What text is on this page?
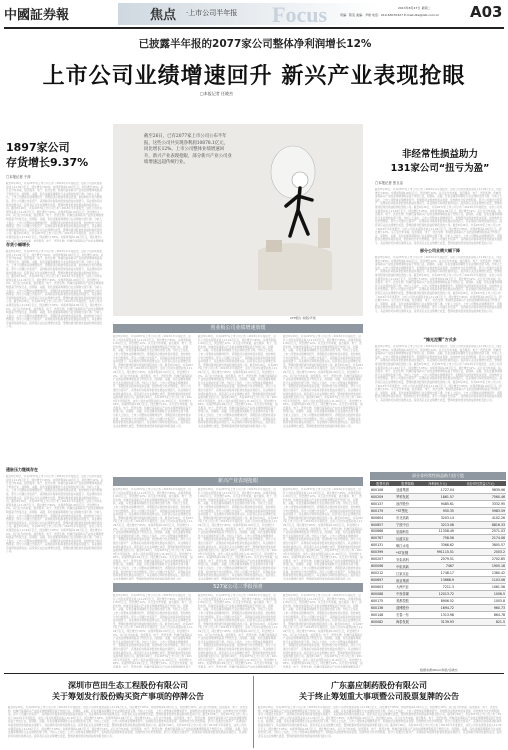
中國証券報	焦点 ·上市公司半年报 Focus	2013年8月27日 星期二
责编：陈莹 美编：尹建 电话：010-63070327 E-mail:zbs@zzb.com.cn A03
已披露半年报的2077家公司整体净利润增长12%
上市公司业绩增速回升 新兴产业表现抢眼
□本报记者 任晓杰
1897家公司
存货增长9.37%
□本报记者 于萍
截至8月26日，共有2077家上市公司公布了2013年半年度报告，这些公司共实现营业收入11.29万亿元，同比增长7.65%；实现净利润1.09万亿元，同比增长12%。从行业分布来看，信息服务、电子、医药生物、机械设备等新兴产业的业绩增速明显高于传统行业，而钢铁、采掘、有色金属等周期性行业业绩则出现下滑。分析人士指出，上市公司整体业绩增速回升，表明经济企稳迹象逐步显现，但结构性分化仍然明显。部分公司通过出售资产、获得政府补贴等非经常性损益实现扭亏，其业绩的可持续性值得关注。投资者应关注业绩增长质量，警惕依靠非经常性损益粉饰报表的公司。截至8月26日，共有2077家上市公司公布了2013年半年度报告，这些公司共实现营业收入11.29万亿元，同比增长7.65%；实现净利润1.09万亿元，同比增长12%。从行业分布来看，信息服务、电子、医药生物、机械设备等新兴产业的业绩增速明显高于传统行业，而钢铁、采掘、有色金属等周期性行业业绩则出现下滑。分析人士指出，上市公司整体业绩增速回升，表明经济企稳迹象逐步显现，但结构性分化仍然明显。部分公司通过出售资产、获得政府补贴等非经常性损益实现扭亏，其业绩的可持续性值得关注。投资者应关注业绩增长质量，警惕依靠非经常性损益粉饰报表的公司。截至8月26日，共有2077家上市公司公布了2013年半年度报告，这些公司共实现营业收入11.29万亿元，同比增长7.65%；实现净利润1.09万亿元，同比增长12%。从行业分布来看，信息服务、电子、医药生物、机械设备等新兴产业的业绩增速
存货小幅增长
截至8月26日，共有2077家上市公司公布了2013年半年度报告，这些公司共实现营业收入11.29万亿元，同比增长7.65%；实现净利润1.09万亿元，同比增长12%。从行业分布来看，信息服务、电子、医药生物、机械设备等新兴产业的业绩增速明显高于传统行业，而钢铁、采掘、有色金属等周期性行业业绩则出现下滑。分析人士指出，上市公司整体业绩增速回升，表明经济企稳迹象逐步显现，但结构性分化仍然明显。部分公司通过出售资产、获得政府补贴等非经常性损益实现扭亏，其业绩的可持续性值得关注。投资者应关注业绩增长质量，警惕依靠非经常性损益粉饰报表的公司。截至8月26日，共有2077家上市公司公布了2013年半年度报告，这些公司共实现营业收入11.29万亿元，同比增长7.65%；实现净利润1.09万亿元，同比增长12%。从行业分布来看，信息服务、电子、医药生物、机械设备等新兴产业的业绩增速明显高于传统行业，而钢铁、采掘、有色金属等周期性行业业绩则出现下滑。分析人士指出，上市公司整体业绩增速回升，表明经济企稳迹象逐步显现，但结构性分化仍然明显。部分公司通过出售资产、获得政府补贴等非经常性损益实现扭亏，其业绩的可持续性值得关注。投资者应关注业绩增长质量，警惕依靠非经常性损益粉饰报表的公司。截至8月26日，共有2077家上市公司公布了2013年半年度报告，这些公司共实现营业收入11.29万亿元，同比增长7.65%；实现净利润1.09万亿元，同比增长12%。从行业分布来看，信息服务、电子、医药生物、机械设备等新兴产业的业绩增速明显高于传统行业，而钢铁、采掘、有色金属等周期性行业业绩则出现下滑。分析人士指出，上市公司整体业绩增速回升，表明经济企稳迹象逐步显现，但结构性分化仍然明显。部分公司通过出售资产、获得政府补贴等非经常性损益实现扭亏，其业绩的可持续性值得关注。投资者应关注业绩增长质量，警惕依靠非经常性损益粉饰报表的公司。
通胀压力继续存在
截至8月26日，共有2077家上市公司公布了2013年半年度报告，这些公司共实现营业收入11.29万亿元，同比增长7.65%；实现净利润1.09万亿元，同比增长12%。从行业分布来看，信息服务、电子、医药生物、机械设备等新兴产业的业绩增速明显高于传统行业，而钢铁、采掘、有色金属等周期性行业业绩则出现下滑。分析人士指出，上市公司整体业绩增速回升，表明经济企稳迹象逐步显现，但结构性分化仍然明显。部分公司通过出售资产、获得政府补贴等非经常性损益实现扭亏，其业绩的可持续性值得关注。投资者应关注业绩增长质量，警惕依靠非经常性损益粉饰报表的公司。截至8月26日，共有2077家上市公司公布了2013年半年度报告，这些公司共实现营业收入11.29万亿元，同比增长7.65%；实现净利润1.09万亿元，同比增长12%。从行业分布来看，信息服务、电子、医药生物、机械设备等新兴产业的业绩增速明显高于传统行业，而钢铁、采掘、有色金属等周期性行业业绩则出现下滑。分析人士指出，上市公司整体业绩增速回升，表明经济企稳迹象逐步显现，但结构性分化仍然明显。部分公司通过出售资产、获得政府补贴等非经常性损益实现扭亏，其业绩的可持续性值得关注。投资者应关注业绩增长质量，警惕依靠非经常性损益粉饰报表的公司。截至8月26日，共有2077家上市公司公布了2013年半年度报告，这些公司共实现营业收入11.29万亿元，同比增长7.65%；实现净利润1.09万亿元，同比增长12%。从行业分布来看，信息服务、电子、医药生物、机械设备等新兴产业的业绩增速明显高于传统行业，而钢铁、采掘、有色金属等周期性行业业绩则出现下滑。分析人士指出，上市公司整体业绩增速回升，表明经济企稳迹象逐步显现，但结构性分化仍然明显。部分公司通过出售资产、获得政府补贴等非经常性损益实现扭亏，其业绩的可持续性值得关注。投资者应关注业绩增长质量，警惕依靠非经常性损益粉饰报表的公司。
截至26日，已有2077家上市公司公布半年报，这些公司共实现净利润10878.1亿元，同比增长12%。上市公司整体业绩增速回升，新兴产业表现抢眼，部分新兴产业公司业绩增速远超传统行业。
CFP图片 制图/尹建
非经常性损益助力
131家公司“扭亏为盈”
□本报记者 张玉洁
截至8月26日，共有2077家上市公司公布了2013年半年度报告，这些公司共实现营业收入11.29万亿元，同比增长7.65%；实现净利润1.09万亿元，同比增长12%。从行业分布来看，信息服务、电子、医药生物、机械设备等新兴产业的业绩增速明显高于传统行业，而钢铁、采掘、有色金属等周期性行业业绩则出现下滑。分析人士指出，上市公司整体业绩增速回升，表明经济企稳迹象逐步显现，但结构性分化仍然明显。部分公司通过出售资产、获得政府补贴等非经常性损益实现扭亏，其业绩的可持续性值得关注。投资者应关注业绩增长质量，警惕依靠非经常性损益粉饰报表的公司。截至8月26日，共有2077家上市公司公布了2013年半年度报告，这些公司共实现营业收入11.29万亿元，同比增长7.65%；实现净利润1.09万亿元，同比增长12%。从行业分布来看，信息服务、电子、医药生物、机械设备等新兴产业的业绩增速明显高于传统行业，而钢铁、采掘、有色金属等周期性行业业绩则出现下滑。分析人士指出，上市公司整体业绩增速回升，表明经济企稳迹象逐步显现，但结构性分化仍然明显。部分公司通过出售资产、获得政府补贴等非经常性损益实现扭亏，其业绩的可持续性值得关注。投资者应关注业绩增长质量，警惕依靠非经常性损益粉饰报表的公司。截至8月26日，共有2077家上市公司公布了2013年半年度报告，这些公司共实现营业收入11.29万亿元，同比增长7.65%；实现净利润1.09万亿元，同比增长12%。从行业分布来看，信息服务、电子、医药生物、机械设备等新兴产业的业绩增速明显高于传统行业，而钢铁、采掘、有色金属等周期性行业业绩则出现下滑。分析人士指出，上市公司整体业绩增速回升，表明经济企稳迹象逐步显现，但结构性分化仍然明显。部分公司通过出售资产、获得政府补贴等非经常性损益实现扭亏，其业绩的可持续性值得关注。投资者应关注业绩增长质量，警惕依靠非经常性损益粉饰报表的公司。
部分公司业绩大幅下降
截至8月26日，共有2077家上市公司公布了2013年半年度报告，这些公司共实现营业收入11.29万亿元，同比增长7.65%；实现净利润1.09万亿元，同比增长12%。从行业分布来看，信息服务、电子、医药生物、机械设备等新兴产业的业绩增速明显高于传统行业，而钢铁、采掘、有色金属等周期性行业业绩则出现下滑。分析人士指出，上市公司整体业绩增速回升，表明经济企稳迹象逐步显现，但结构性分化仍然明显。部分公司通过出售资产、获得政府补贴等非经常性损益实现扭亏，其业绩的可持续性值得关注。投资者应关注业绩增长质量，警惕依靠非经常性损益粉饰报表的公司。截至8月26日，共有2077家上市公司公布了2013年半年度报告，这些公司共实现营业收入11.29万亿元，同比增长7.65%；实现净利润1.09万亿元，同比增长12%。从行业分布来看，信息服务、电子、医药生物、机械设备等新兴产业的业绩增速明显高于传统行业，而钢铁、采掘、有色金属等周期性行业业绩则出现下滑。分析人士指出，上市公司整体业绩增速回升，表明经济企稳迹象逐步显现，但结构性分化仍然明显。部分公司通过出售资产、获得政府补贴等非经常性损益实现扭亏，其业绩的可持续性值得关注。投资者应关注业绩增长质量，警惕依靠非经常性损益粉饰报表的公司。截至8月26日，共有2077家上市公司公布了2013年半年度报告，这些公司共实现营业收入11.29万亿元，同比增长7.65%；实现净利润1.09万亿元，同比增长12%。从行业分布来看，信息服务、电子、医药生物、机械设备等新兴产业的业绩增速明显高于传统行业，而钢铁、采掘、有色金属等周期性行业业绩则出现下滑。分析人士指出，上市公司整体业绩增速回升，表明经济企稳迹象逐步显现，但结构性分化仍然明显。部分公司通过出售资产、获得政府补贴等非经常性损益实现扭亏，其业绩的可持续性值得关注。投资者应关注业绩增长质量，警惕依靠非经常性损益粉饰报表的公司。
“摊光泥蟹”方式多
截至8月26日，共有2077家上市公司公布了2013年半年度报告，这些公司共实现营业收入11.29万亿元，同比增长7.65%；实现净利润1.09万亿元，同比增长12%。从行业分布来看，信息服务、电子、医药生物、机械设备等新兴产业的业绩增速明显高于传统行业，而钢铁、采掘、有色金属等周期性行业业绩则出现下滑。分析人士指出，上市公司整体业绩增速回升，表明经济企稳迹象逐步显现，但结构性分化仍然明显。部分公司通过出售资产、获得政府补贴等非经常性损益实现扭亏，其业绩的可持续性值得关注。投资者应关注业绩增长质量，警惕依靠非经常性损益粉饰报表的公司。截至8月26日，共有2077家上市公司公布了2013年半年度报告，这些公司共实现营业收入11.29万亿元，同比增长7.65%；实现净利润1.09万亿元，同比增长12%。从行业分布来看，信息服务、电子、医药生物、机械设备等新兴产业的业绩增速明显高于传统行业，而钢铁、采掘、有色金属等周期性行业业绩则出现下滑。分析人士指出，上市公司整体业绩增速回升，表明经济企稳迹象逐步显现，但结构性分化仍然明显。部分公司通过出售资产、获得政府补贴等非经常性损益实现扭亏，其业绩的可持续性值得关注。投资者应关注业绩增长质量，警惕依靠非经常性损益粉饰报表的公司。截至8月26日，共有2077家上市公司公布了2013年半年度报告，这些公司共实现营业收入11.29万亿元，同比增长7.65%；实现净利润1.09万亿元，同比增长12%。从行业分布来看，信息服务、电子、医药生物、机械设备等新兴产业的业绩增速明显高于传统行业，而钢铁、采掘、有色金属等周期性行业业绩则出现下滑。分析人士指出，上市公司整体业绩增速回升，表明经济企稳迹象逐步显现，但结构性分化仍然明显。部分公司通过出售资产、获得政府补贴等非经常性损益实现扭亏，其业绩的可持续性值得关注。投资者应关注业绩增长质量，警惕依靠非经常性损益粉饰报表的公司。
创业板公司业绩增速放缓
截至8月26日，共有2077家上市公司公布了2013年半年度报告，这些公司共实现营业收入11.29万亿元，同比增长7.65%；实现净利润1.09万亿元，同比增长12%。从行业分布来看，信息服务、电子、医药生物、机械设备等新兴产业的业绩增速明显高于传统行业，而钢铁、采掘、有色金属等周期性行业业绩则出现下滑。分析人士指出，上市公司整体业绩增速回升，表明经济企稳迹象逐步显现，但结构性分化仍然明显。部分公司通过出售资产、获得政府补贴等非经常性损益实现扭亏，其业绩的可持续性值得关注。投资者应关注业绩增长质量，警惕依靠非经常性损益粉饰报表的公司。截至8月26日，共有2077家上市公司公布了2013年半年度报告，这些公司共实现营业收入11.29万亿元，同比增长7.65%；实现净利润1.09万亿元，同比增长12%。从行业分布来看，信息服务、电子、医药生物、机械设备等新兴产业的业绩增速明显高于传统行业，而钢铁、采掘、有色金属等周期性行业业绩则出现下滑。分析人士指出，上市公司整体业绩增速回升，表明经济企稳迹象逐步显现，但结构性分化仍然明显。部分公司通过出售资产、获得政府补贴等非经常性损益实现扭亏，其业绩的可持续性值得关注。投资者应关注业绩增长质量，警惕依靠非经常性损益粉饰报表的公司。截至8月26日，共有2077家上市公司公布了2013年半年度报告，这些公司共实现营业收入11.29万亿元，同比增长7.65%；实现净利润1.09万亿元，同比增长12%。从行业分布来看，信息服务、电子、医药生物、机械设备等新兴产业的业绩增速明显高于传统行业，而钢铁、采掘、有色金属等周期性行业业绩则出现下滑。分析人士指出，上市公司整体业绩增速回升，表明经济企稳迹象逐步显现，但结构性分化仍然明显。部分公司通过出售资产、获得政府补贴等非经常性损益实现扭亏，其业绩的可持续性值得关注。投资者应关注业绩增长质量，警惕依靠非经常性损益粉饰报表的公司。
截至8月26日，共有2077家上市公司公布了2013年半年度报告，这些公司共实现营业收入11.29万亿元，同比增长7.65%；实现净利润1.09万亿元，同比增长12%。从行业分布来看，信息服务、电子、医药生物、机械设备等新兴产业的业绩增速明显高于传统行业，而钢铁、采掘、有色金属等周期性行业业绩则出现下滑。分析人士指出，上市公司整体业绩增速回升，表明经济企稳迹象逐步显现，但结构性分化仍然明显。部分公司通过出售资产、获得政府补贴等非经常性损益实现扭亏，其业绩的可持续性值得关注。投资者应关注业绩增长质量，警惕依靠非经常性损益粉饰报表的公司。截至8月26日，共有2077家上市公司公布了2013年半年度报告，这些公司共实现营业收入11.29万亿元，同比增长7.65%；实现净利润1.09万亿元，同比增长12%。从行业分布来看，信息服务、电子、医药生物、机械设备等新兴产业的业绩增速明显高于传统行业，而钢铁、采掘、有色金属等周期性行业业绩则出现下滑。分析人士指出，上市公司整体业绩增速回升，表明经济企稳迹象逐步显现，但结构性分化仍然明显。部分公司通过出售资产、获得政府补贴等非经常性损益实现扭亏，其业绩的可持续性值得关注。投资者应关注业绩增长质量，警惕依靠非经常性损益粉饰报表的公司。截至8月26日，共有2077家上市公司公布了2013年半年度报告，这些公司共实现营业收入11.29万亿元，同比增长7.65%；实现净利润1.09万亿元，同比增长12%。从行业分布来看，信息服务、电子、医药生物、机械设备等新兴产业的业绩增速明显高于传统行业，而钢铁、采掘、有色金属等周期性行业业绩则出现下滑。分析人士指出，上市公司整体业绩增速回升，表明经济企稳迹象逐步显现，但结构性分化仍然明显。部分公司通过出售资产、获得政府补贴等非经常性损益实现扭亏，其业绩的可持续性值得关注。投资者应关注业绩增长质量，警惕依靠非经常性损益粉饰报表的公司。
截至8月26日，共有2077家上市公司公布了2013年半年度报告，这些公司共实现营业收入11.29万亿元，同比增长7.65%；实现净利润1.09万亿元，同比增长12%。从行业分布来看，信息服务、电子、医药生物、机械设备等新兴产业的业绩增速明显高于传统行业，而钢铁、采掘、有色金属等周期性行业业绩则出现下滑。分析人士指出，上市公司整体业绩增速回升，表明经济企稳迹象逐步显现，但结构性分化仍然明显。部分公司通过出售资产、获得政府补贴等非经常性损益实现扭亏，其业绩的可持续性值得关注。投资者应关注业绩增长质量，警惕依靠非经常性损益粉饰报表的公司。截至8月26日，共有2077家上市公司公布了2013年半年度报告，这些公司共实现营业收入11.29万亿元，同比增长7.65%；实现净利润1.09万亿元，同比增长12%。从行业分布来看，信息服务、电子、医药生物、机械设备等新兴产业的业绩增速明显高于传统行业，而钢铁、采掘、有色金属等周期性行业业绩则出现下滑。分析人士指出，上市公司整体业绩增速回升，表明经济企稳迹象逐步显现，但结构性分化仍然明显。部分公司通过出售资产、获得政府补贴等非经常性损益实现扭亏，其业绩的可持续性值得关注。投资者应关注业绩增长质量，警惕依靠非经常性损益粉饰报表的公司。截至8月26日，共有2077家上市公司公布了2013年半年度报告，这些公司共实现营业收入11.29万亿元，同比增长7.65%；实现净利润1.09万亿元，同比增长12%。从行业分布来看，信息服务、电子、医药生物、机械设备等新兴产业的业绩增速明显高于传统行业，而钢铁、采掘、有色金属等周期性行业业绩则出现下滑。分析人士指出，上市公司整体业绩增速回升，表明经济企稳迹象逐步显现，但结构性分化仍然明显。部分公司通过出售资产、获得政府补贴等非经常性损益实现扭亏，其业绩的可持续性值得关注。投资者应关注业绩增长质量，警惕依靠非经常性损益粉饰报表的公司。
新兴产业表现抢眼
截至8月26日，共有2077家上市公司公布了2013年半年度报告，这些公司共实现营业收入11.29万亿元，同比增长7.65%；实现净利润1.09万亿元，同比增长12%。从行业分布来看，信息服务、电子、医药生物、机械设备等新兴产业的业绩增速明显高于传统行业，而钢铁、采掘、有色金属等周期性行业业绩则出现下滑。分析人士指出，上市公司整体业绩增速回升，表明经济企稳迹象逐步显现，但结构性分化仍然明显。部分公司通过出售资产、获得政府补贴等非经常性损益实现扭亏，其业绩的可持续性值得关注。投资者应关注业绩增长质量，警惕依靠非经常性损益粉饰报表的公司。截至8月26日，共有2077家上市公司公布了2013年半年度报告，这些公司共实现营业收入11.29万亿元，同比增长7.65%；实现净利润1.09万亿元，同比增长12%。从行业分布来看，信息服务、电子、医药生物、机械设备等新兴产业的业绩增速明显高于传统行业，而钢铁、采掘、有色金属等周期性行业业绩则出现下滑。分析人士指出，上市公司整体业绩增速回升，表明经济企稳迹象逐步显现，但结构性分化仍然明显。部分公司通过出售资产、获得政府补贴等非经常性损益实现扭亏，其业绩的可持续性值得关注。投资者应关注业绩增长质量，警惕依靠非经常性损益粉饰报表的公司。截至8月26日，共有2077家上市公司公布了2013年半年度报告，这些公司共实现营业收入11.29万亿元，同比增长7.65%；实现净利润1.09万亿元，同比增长12%。从行业分布来看，信息服务、电子、医药生物、机械设备等新兴产业的业绩增速明显高于传统行业，而钢铁、采掘、有色金属等周期性行业业绩则出现下滑。分析人士指出，上市公司整体业绩增速回升，表明经济企稳迹象逐步显现，但结构性分化仍然明显。部分公司通过出售资产、获得政府补贴等非经常性损益实现扭亏，其业绩的可持续性值得关注。投资者应关注业绩增长质量，警惕依靠非经常性损益粉饰报表的公司。
截至8月26日，共有2077家上市公司公布了2013年半年度报告，这些公司共实现营业收入11.29万亿元，同比增长7.65%；实现净利润1.09万亿元，同比增长12%。从行业分布来看，信息服务、电子、医药生物、机械设备等新兴产业的业绩增速明显高于传统行业，而钢铁、采掘、有色金属等周期性行业业绩则出现下滑。分析人士指出，上市公司整体业绩增速回升，表明经济企稳迹象逐步显现，但结构性分化仍然明显。部分公司通过出售资产、获得政府补贴等非经常性损益实现扭亏，其业绩的可持续性值得关注。投资者应关注业绩增长质量，警惕依靠非经常性损益粉饰报表的公司。截至8月26日，共有2077家上市公司公布了2013年半年度报告，这些公司共实现营业收入11.29万亿元，同比增长7.65%；实现净利润1.09万亿元，同比增长12%。从行业分布来看，信息服务、电子、医药生物、机械设备等新兴产业的业绩增速明显高于传统行业，而钢铁、采掘、有色金属等周期性行业业绩则出现下滑。分析人士指出，上市公司整体业绩增速回升，表明经济企稳迹象逐步显现，但结构性分化仍然明显。部分公司通过出售资产、获得政府补贴等非经常性损益实现扭亏，其业绩的可持续性值得关注。投资者应关注业绩增长质量，警惕依靠非经常性损益粉饰报表的公司。截至8月26日，共有2077家上市公司公布了2013年半年度报告，这些公司共实现营业收入11.29万亿元，同比增长7.65%；实现净利润1.09万亿元，同比增长12%。从行业分布来看，信息服务、电子、医药生物、机械设备等新兴产业的业绩增速明显高于传统行业，而钢铁、采掘、有色金属等周期性行业业绩则出现下滑。分析人士指出，上市公司整体业绩增速回升，表明经济企稳迹象逐步显现，但结构性分化仍然明显。部分公司通过出售资产、获得政府补贴等非经常性损益实现扭亏，其业绩的可持续性值得关注。投资者应关注业绩增长质量，警惕依靠非经常性损益粉饰报表的公司。
截至8月26日，共有2077家上市公司公布了2013年半年度报告，这些公司共实现营业收入11.29万亿元，同比增长7.65%；实现净利润1.09万亿元，同比增长12%。从行业分布来看，信息服务、电子、医药生物、机械设备等新兴产业的业绩增速明显高于传统行业，而钢铁、采掘、有色金属等周期性行业业绩则出现下滑。分析人士指出，上市公司整体业绩增速回升，表明经济企稳迹象逐步显现，但结构性分化仍然明显。部分公司通过出售资产、获得政府补贴等非经常性损益实现扭亏，其业绩的可持续性值得关注。投资者应关注业绩增长质量，警惕依靠非经常性损益粉饰报表的公司。截至8月26日，共有2077家上市公司公布了2013年半年度报告，这些公司共实现营业收入11.29万亿元，同比增长7.65%；实现净利润1.09万亿元，同比增长12%。从行业分布来看，信息服务、电子、医药生物、机械设备等新兴产业的业绩增速明显高于传统行业，而钢铁、采掘、有色金属等周期性行业业绩则出现下滑。分析人士指出，上市公司整体业绩增速回升，表明经济企稳迹象逐步显现，但结构性分化仍然明显。部分公司通过出售资产、获得政府补贴等非经常性损益实现扭亏，其业绩的可持续性值得关注。投资者应关注业绩增长质量，警惕依靠非经常性损益粉饰报表的公司。截至8月26日，共有2077家上市公司公布了2013年半年度报告，这些公司共实现营业收入11.29万亿元，同比增长7.65%；实现净利润1.09万亿元，同比增长12%。从行业分布来看，信息服务、电子、医药生物、机械设备等新兴产业的业绩增速明显高于传统行业，而钢铁、采掘、有色金属等周期性行业业绩则出现下滑。分析人士指出，上市公司整体业绩增速回升，表明经济企稳迹象逐步显现，但结构性分化仍然明显。部分公司通过出售资产、获得政府补贴等非经常性损益实现扭亏，其业绩的可持续性值得关注。投资者应关注业绩增长质量，警惕依靠非经常性损益粉饰报表的公司。
527家公司三季报预喜
截至8月26日，共有2077家上市公司公布了2013年半年度报告，这些公司共实现营业收入11.29万亿元，同比增长7.65%；实现净利润1.09万亿元，同比增长12%。从行业分布来看，信息服务、电子、医药生物、机械设备等新兴产业的业绩增速明显高于传统行业，而钢铁、采掘、有色金属等周期性行业业绩则出现下滑。分析人士指出，上市公司整体业绩增速回升，表明经济企稳迹象逐步显现，但结构性分化仍然明显。部分公司通过出售资产、获得政府补贴等非经常性损益实现扭亏，其业绩的可持续性值得关注。投资者应关注业绩增长质量，警惕依靠非经常性损益粉饰报表的公司。截至8月26日，共有2077家上市公司公布了2013年半年度报告，这些公司共实现营业收入11.29万亿元，同比增长7.65%；实现净利润1.09万亿元，同比增长12%。从行业分布来看，信息服务、电子、医药生物、机械设备等新兴产业的业绩增速明显高于传统行业，而钢铁、采掘、有色金属等周期性行业业绩则出现下滑。分析人士指出，上市公司整体业绩增速回升，表明经济企稳迹象逐步显现，但结构性分化仍然明显。部分公司通过出售资产、获得政府补贴等非经常性损益实现扭亏，其业绩的可持续性值得关注。投资者应关注业绩增长质量，警惕依靠非经常性损益粉饰报表的公司。截至8月26日，共有2077家上市公司公布了2013年半年度报告，这些公司共实现营业收入11.29万亿元，同比增长7.65%；实现净利润1.09万亿元，同比增长12%。从行业分布来看，信息服务、电子、医药生物、机械设备等新兴产业的业绩增速明显高于
截至8月26日，共有2077家上市公司公布了2013年半年度报告，这些公司共实现营业收入11.29万亿元，同比增长7.65%；实现净利润1.09万亿元，同比增长12%。从行业分布来看，信息服务、电子、医药生物、机械设备等新兴产业的业绩增速明显高于传统行业，而钢铁、采掘、有色金属等周期性行业业绩则出现下滑。分析人士指出，上市公司整体业绩增速回升，表明经济企稳迹象逐步显现，但结构性分化仍然明显。部分公司通过出售资产、获得政府补贴等非经常性损益实现扭亏，其业绩的可持续性值得关注。投资者应关注业绩增长质量，警惕依靠非经常性损益粉饰报表的公司。截至8月26日，共有2077家上市公司公布了2013年半年度报告，这些公司共实现营业收入11.29万亿元，同比增长7.65%；实现净利润1.09万亿元，同比增长12%。从行业分布来看，信息服务、电子、医药生物、机械设备等新兴产业的业绩增速明显高于传统行业，而钢铁、采掘、有色金属等周期性行业业绩则出现下滑。分析人士指出，上市公司整体业绩增速回升，表明经济企稳迹象逐步显现，但结构性分化仍然明显。部分公司通过出售资产、获得政府补贴等非经常性损益实现扭亏，其业绩的可持续性值得关注。投资者应关注业绩增长质量，警惕依靠非经常性损益粉饰报表的公司。截至8月26日，共有2077家上市公司公布了2013年半年度报告，这些公司共实现营业收入11.29万亿元，同比增长7.65%；实现净利润1.09万亿元，同比增长12%。从行业分布来看，信息服务、电子、医药生物、机械设备等新兴产业的业绩增速明显高于
截至8月26日，共有2077家上市公司公布了2013年半年度报告，这些公司共实现营业收入11.29万亿元，同比增长7.65%；实现净利润1.09万亿元，同比增长12%。从行业分布来看，信息服务、电子、医药生物、机械设备等新兴产业的业绩增速明显高于传统行业，而钢铁、采掘、有色金属等周期性行业业绩则出现下滑。分析人士指出，上市公司整体业绩增速回升，表明经济企稳迹象逐步显现，但结构性分化仍然明显。部分公司通过出售资产、获得政府补贴等非经常性损益实现扭亏，其业绩的可持续性值得关注。投资者应关注业绩增长质量，警惕依靠非经常性损益粉饰报表的公司。截至8月26日，共有2077家上市公司公布了2013年半年度报告，这些公司共实现营业收入11.29万亿元，同比增长7.65%；实现净利润1.09万亿元，同比增长12%。从行业分布来看，信息服务、电子、医药生物、机械设备等新兴产业的业绩增速明显高于传统行业，而钢铁、采掘、有色金属等周期性行业业绩则出现下滑。分析人士指出，上市公司整体业绩增速回升，表明经济企稳迹象逐步显现，但结构性分化仍然明显。部分公司通过出售资产、获得政府补贴等非经常性损益实现扭亏，其业绩的可持续性值得关注。投资者应关注业绩增长质量，警惕依靠非经常性损益粉饰报表的公司。截至8月26日，共有2077家上市公司公布了2013年半年度报告，这些公司共实现营业收入11.29万亿元，同比增长7.65%；实现净利润1.09万亿元，同比增长12%。从行业分布来看，信息服务、电子、医药生物、机械设备等新兴产业的业绩增速明显高于
部分非经常性损益助力扭亏股
股票代码	股票简称	净利润(万元)	非经常性损益(万元)
600108	亚盛集团	1727.04	9839.96
600209	罗顿发展	1861.57	7560.46
600137	浪莎股份	9485.61	3332.95
600179	*ST黑化	950.35	5983.59
600604	市北高新	3203.14	4102.26
600857	宁波中百	3213.08	8816.33
600866	星湖科技	11358.49	2571.03
600767	运盛实业	758.56	2174.06
600131	岷江水电	3366.62	3805.57
600399	*ST抚钢	991115.51	2003.2
600207	安彩高科	2079.51	2702.85
600096	中炬高新	7467	1905.16
600212	江泉实业	1748.17	1380.42
600697	欧亚集团	13668.9	1103.06
600603	大洲兴业	7211.3	1061.56
600088	中视传媒	12013.72	1006.5
600175	美都控股	8906.52	1003.8
600136	道博股份	1694.72	960.73
600148	长春一东	1313.98	864.78
600082	海泰发展	3139.93	821.5
数据来源/Wind 制表/任晓杰
深圳市芭田生态工程股份有限公司
关于筹划发行股份购买资产事项的停牌公告
广东嘉应制药股份有限公司
关于终止筹划重大事项暨公司股票复牌的公告
截至8月26日，共有2077家上市公司公布了2013年半年度报告，这些公司共实现营业收入11.29万亿元，同比增长7.65%；实现净利润1.09万亿元，同比增长12%。从行业分布来看，信息服务、电子、医药生物、机械设备等新兴产业的业绩增速明显高于传统行业，而钢铁、采掘、有色金属等周期性行业业绩则出现下滑。分析人士指出，上市公司整体业绩增速回升，表明经济企稳迹象逐步显现，但结构性分化仍然明显。部分公司通过出售资产、获得政府补贴等非经常性损益实现扭亏，其业绩的可持续性值得关注。投资者应关注业绩增长质量，警惕依靠非经常性损益粉饰报表的公司。截至8月26日，共有2077家上市公司公布了2013年半年度报告，这些公司共实现营业收入11.29万亿元，同比增长7.65%；实现净利润1.09万亿元，同比增长12%。从行业分布来看，信息服务、电子、医药生物、机械设备等新兴产业的业绩增速明显高于传统行业，而钢铁、采掘、有色金属等周期性行业业绩则出现下滑。分析人士指出，上市公司整体业绩增速回升，表明经济企稳迹象逐步显现，但结构性分化仍然明显。部分公司通过出售资产、获得政府补贴等非经常性损益实现扭亏，其业绩的可持续性值得关注。投资者应关注业绩增长质量，警惕依靠非经常性损益粉饰报表的公司。截至8月26日，共有2077家上市公司公布了2013年半年度报告，这些公司共实现营业收入11.29万亿元，同比增长7.65%；实现净利润1.09万亿元，同比增长12%。从行业分布来看，信息服务、电子、医药生物、机械设备等新兴产业的业绩增速明显高于传统行业，而钢铁、采掘、有色金属等周期性行业业绩则出现下滑。分析人士指出，上市公司整体业绩增速回升，表明经济企稳迹象逐步显现，但结构性分化仍然明显。部分公司通过出售资产、获得政府补贴等非经常性损益实现扭亏，其业绩的可持续性值得关注。投资者应关注业绩增长质量，警惕依靠非经常性损益粉饰报表的公司。
截至8月26日，共有2077家上市公司公布了2013年半年度报告，这些公司共实现营业收入11.29万亿元，同比增长7.65%；实现净利润1.09万亿元，同比增长12%。从行业分布来看，信息服务、电子、医药生物、机械设备等新兴产业的业绩增速明显高于传统行业，而钢铁、采掘、有色金属等周期性行业业绩则出现下滑。分析人士指出，上市公司整体业绩增速回升，表明经济企稳迹象逐步显现，但结构性分化仍然明显。部分公司通过出售资产、获得政府补贴等非经常性损益实现扭亏，其业绩的可持续性值得关注。投资者应关注业绩增长质量，警惕依靠非经常性损益粉饰报表的公司。截至8月26日，共有2077家上市公司公布了2013年半年度报告，这些公司共实现营业收入11.29万亿元，同比增长7.65%；实现净利润1.09万亿元，同比增长12%。从行业分布来看，信息服务、电子、医药生物、机械设备等新兴产业的业绩增速明显高于传统行业，而钢铁、采掘、有色金属等周期性行业业绩则出现下滑。分析人士指出，上市公司整体业绩增速回升，表明经济企稳迹象逐步显现，但结构性分化仍然明显。部分公司通过出售资产、获得政府补贴等非经常性损益实现扭亏，其业绩的可持续性值得关注。投资者应关注业绩增长质量，警惕依靠非经常性损益粉饰报表的公司。截至8月26日，共有2077家上市公司公布了2013年半年度报告，这些公司共实现营业收入11.29万亿元，同比增长7.65%；实现净利润1.09万亿元，同比增长12%。从行业分布来看，信息服务、电子、医药生物、机械设备等新兴产业的业绩增速明显高于传统行业，而钢铁、采掘、有色金属等周期性行业业绩则出现下滑。分析人士指出，上市公司整体业绩增速回升，表明经济企稳迹象逐步显现，但结构性分化仍然明显。部分公司通过出售资产、获得政府补贴等非经常性损益实现扭亏，其业绩的可持续性值得关注。投资者应关注业绩增长质量，警惕依靠非经常性损益粉饰报表的公司。
